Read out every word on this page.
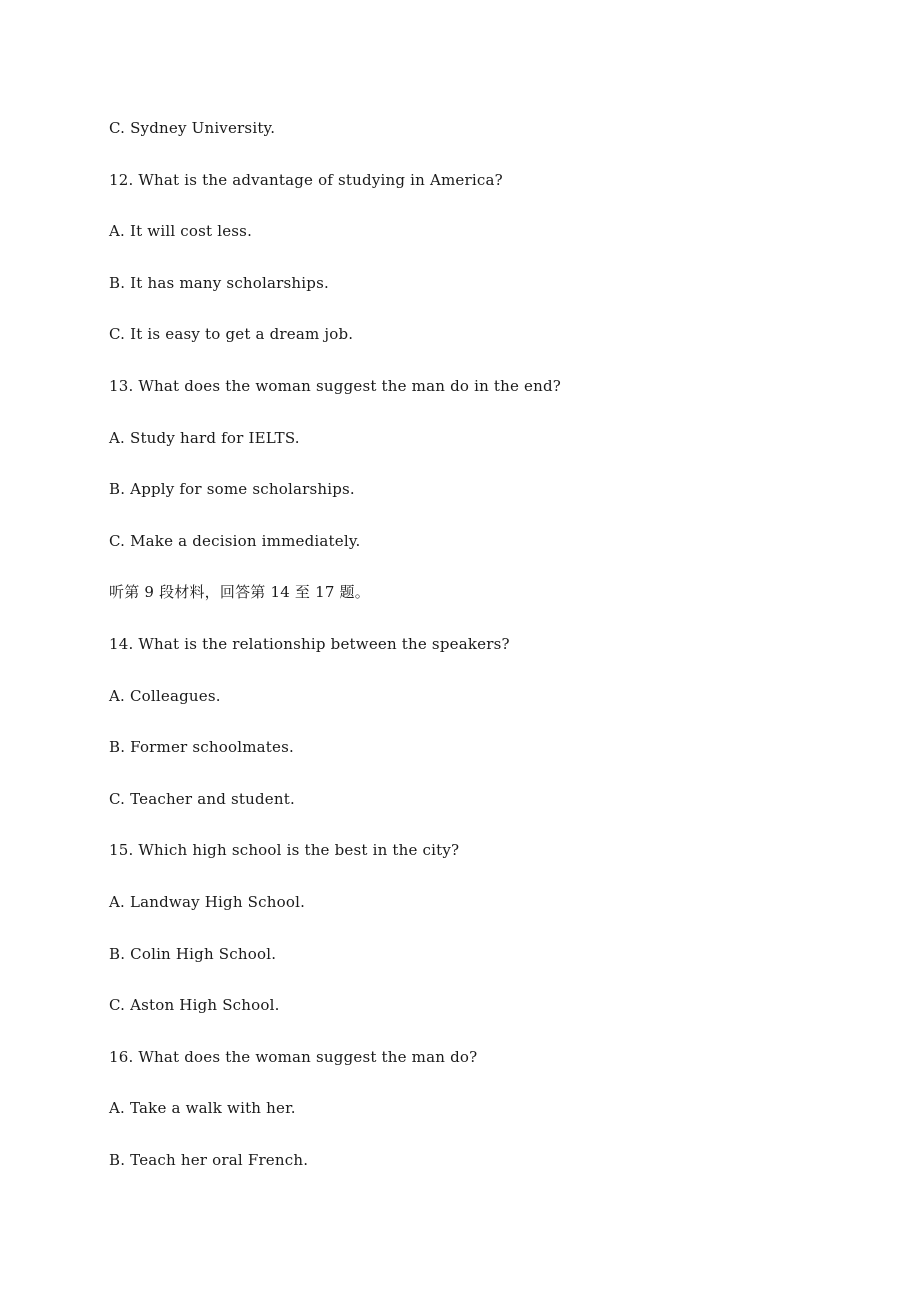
C. Sydney University.
12. What is the advantage of studying in America?
A. It will cost less.
B. It has many scholarships.
C. It is easy to get a dream job.
13. What does the woman suggest the man do in the end?
A. Study hard for IELTS.
B. Apply for some scholarships.
C. Make a decision immediately.
听第 9 段材料，回答第 14 至 17 题。
14. What is the relationship between the speakers?
A. Colleagues.
B. Former schoolmates.
C. Teacher and student.
15. Which high school is the best in the city?
A. Landway High School.
B. Colin High School.
C. Aston High School.
16. What does the woman suggest the man do?
A. Take a walk with her.
B. Teach her oral French.
